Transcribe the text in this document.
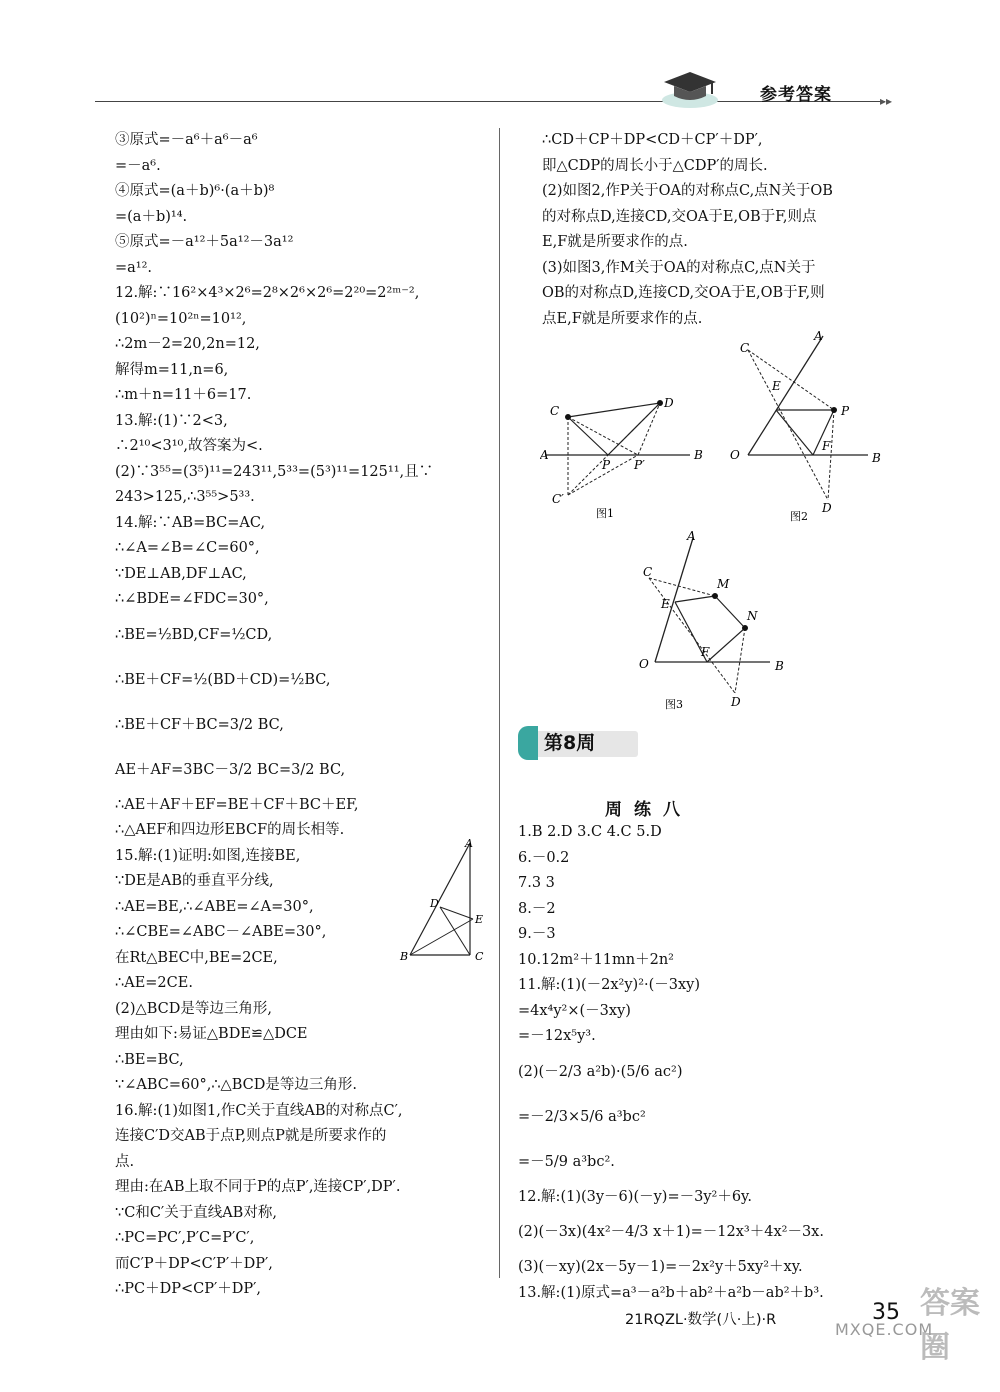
参考答案	▸▸
③原式=－a⁶＋a⁶－a⁶
=－a⁶.
④原式=(a＋b)⁶·(a＋b)⁸
=(a＋b)¹⁴.
⑤原式=－a¹²＋5a¹²－3a¹²
=a¹².
12.解:∵16²×4³×2⁶=2⁸×2⁶×2⁶=2²⁰=2²ᵐ⁻²,
(10²)ⁿ=10²ⁿ=10¹²,
∴2m－2=20,2n=12,
解得m=11,n=6,
∴m＋n=11＋6=17.
13.解:(1)∵2<3,
∴2¹⁰<3¹⁰,故答案为<.
(2)∵3⁵⁵=(3⁵)¹¹=243¹¹,5³³=(5³)¹¹=125¹¹,且∵
243>125,∴3⁵⁵>5³³.
14.解:∵AB=BC=AC,
∴∠A=∠B=∠C=60°,
∵DE⊥AB,DF⊥AC,
∴∠BDE=∠FDC=30°,
∴BE=½BD,CF=½CD,
∴BE＋CF=½(BD＋CD)=½BC,
∴BE＋CF＋BC=3/2 BC,
AE＋AF=3BC－3/2 BC=3/2 BC,
∴AE＋AF＋EF=BE＋CF＋BC＋EF,
∴△AEF和四边形EBCF的周长相等.
15.解:(1)证明:如图,连接BE,
∵DE是AB的垂直平分线,
∴AE=BE,∴∠ABE=∠A=30°,
∴∠CBE=∠ABC－∠ABE=30°,
在Rt△BEC中,BE=2CE,
∴AE=2CE.
(2)△BCD是等边三角形,
理由如下:易证△BDE≌△DCE
∴BE=BC,
∵∠ABC=60°,∴△BCD是等边三角形.
16.解:(1)如图1,作C关于直线AB的对称点C′,
连接C′D交AB于点P,则点P就是所要求作的
点.
理由:在AB上取不同于P的点P′,连接CP′,DP′.
∵C和C′关于直线AB对称,
∴PC=PC′,P′C=P′C′,
而C′P＋DP<C′P′＋DP′,
∴PC＋DP<CP′＋DP′,
A
D
E
B	C
∴CD＋CP＋DP<CD＋CP′＋DP′,
即△CDP的周长小于△CDP′的周长.
(2)如图2,作P关于OA的对称点C,点N关于OB
的对称点D,连接CD,交OA于E,OB于F,则点
E,F就是所要求作的点.
(3)如图3,作M关于OA的对称点C,点N关于
OB的对称点D,连接CD,交OA于E,OB于F,则
点E,F就是所要求作的点.
C
D
A	B
P P′
C′
图1
A
C
E
P
F
O	B
D
图2
A
C
M
E
N
F
O	B
D
图3
第8周
周练八
1.B 2.D 3.C 4.C 5.D
6.－0.2
7.3 3
8.－2
9.－3
10.12m²＋11mn＋2n²
11.解:(1)(－2x²y)²·(－3xy)
=4x⁴y²×(－3xy)
=－12x⁵y³.
(2)(－2/3 a²b)·(5/6 ac²)
=－2/3×5/6 a³bc²
=－5/9 a³bc².
12.解:(1)(3y－6)(－y)=－3y²＋6y.
(2)(－3x)(4x²－4/3 x＋1)=－12x³＋4x²－3x.
(3)(－xy)(2x－5y－1)=－2x²y＋5xy²＋xy.
13.解:(1)原式=a³－a²b＋ab²＋a²b－ab²＋b³.
21RQZL·数学(八·上)·R	35 答案圈
MXQE.COM
